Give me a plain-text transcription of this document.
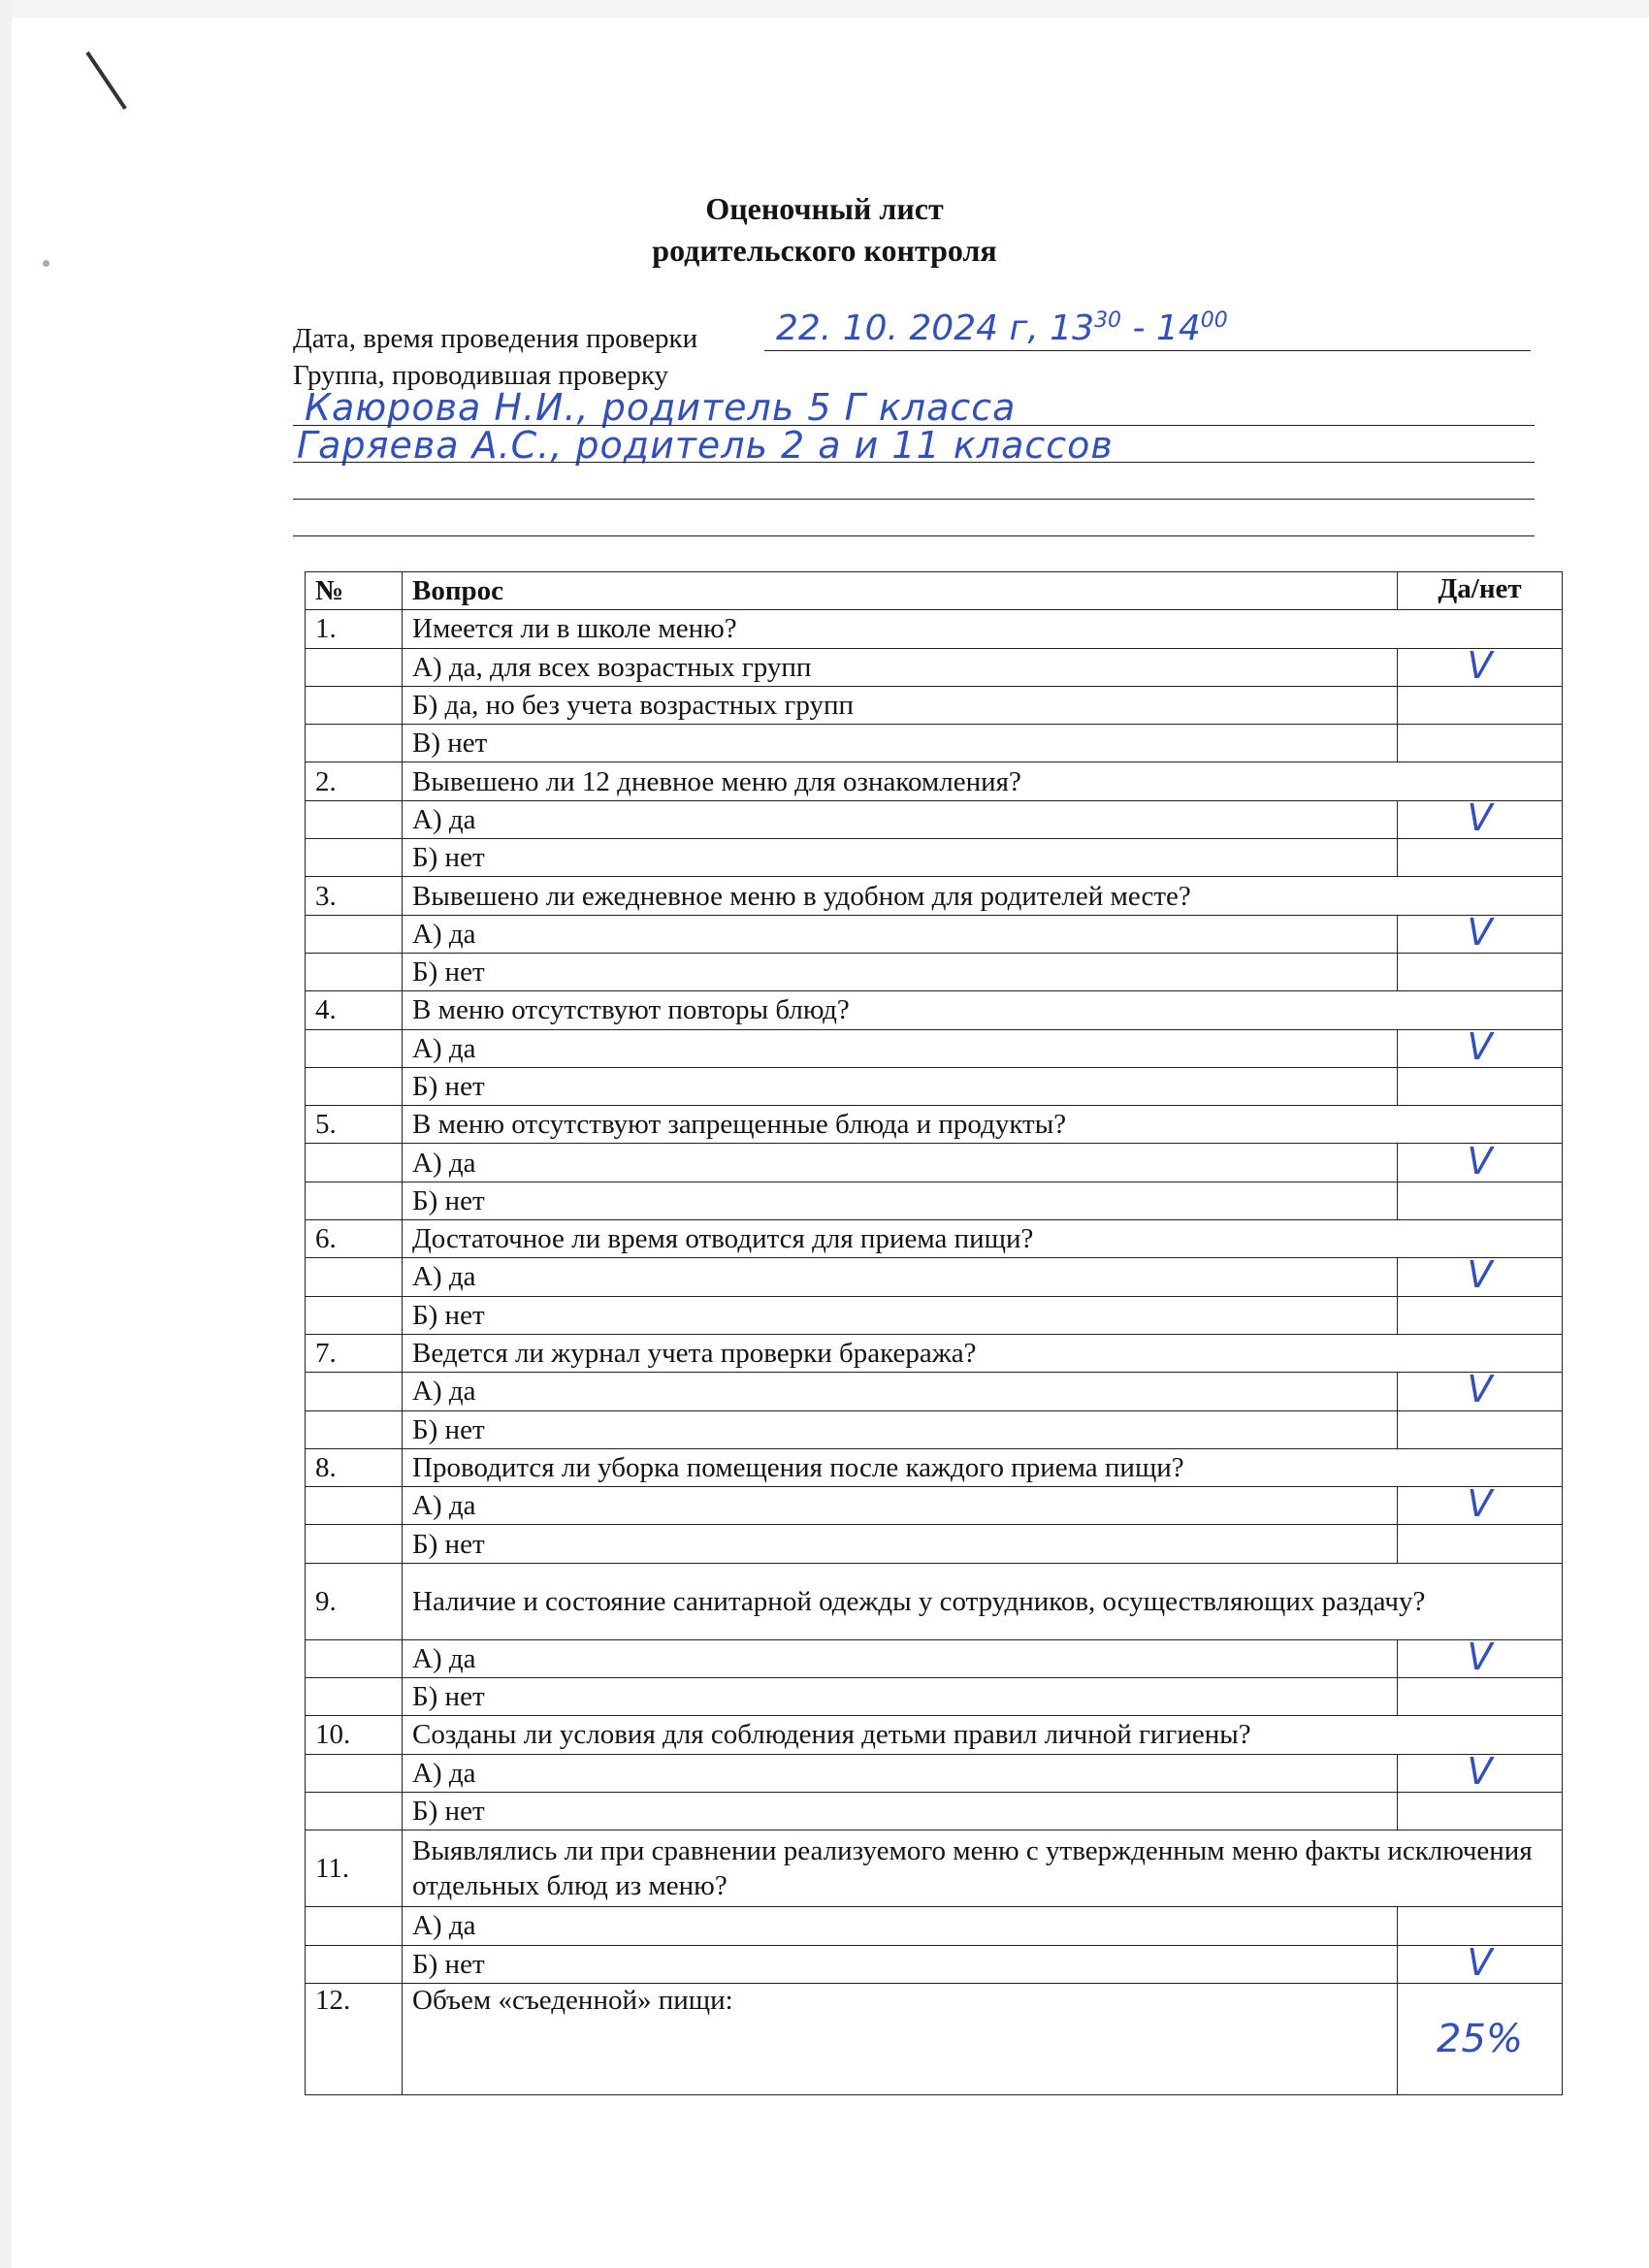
Оценочный лист
родительского контроля
Дата, время проведения проверки 22. 10. 2024 г, $13^{30} - 14^{00}$
Группа, проводившая проверку
Каюрова Н.И., родитель 5 Г класса
Гаряева А.С., родитель 2 а и 11 классов
№	Вопрос	Да/нет
1.	Имеется ли в школе меню?	
	А) да, для всех возрастных групп	V
	Б) да, но без учета возрастных групп	
	В) нет	
2.	Вывешено ли 12 дневное меню для ознакомления?	
	А) да	V
	Б) нет	
3.	Вывешено ли ежедневное меню в удобном для родителей месте?	
	А) да	V
	Б) нет	
4.	В меню отсутствуют повторы блюд?	
	А) да	V
	Б) нет	
5.	В меню отсутствуют запрещенные блюда и продукты?	
	А) да	V
	Б) нет	
6.	Достаточное ли время отводится для приема пищи?	
	А) да	V
	Б) нет	
7.	Ведется ли журнал учета проверки бракеража?	
	А) да	V
	Б) нет	
8.	Проводится ли уборка помещения после каждого приема пищи?	
	А) да	V
	Б) нет	
9.	Наличие и состояние санитарной одежды у сотрудников, осуществляющих раздачу?	
	А) да	V
	Б) нет	
10.	Созданы ли условия для соблюдения детьми правил личной гигиены?	
	А) да	V
	Б) нет	
11.	Выявлялись ли при сравнении реализуемого меню с утвержденным меню факты исключения отдельных блюд из меню?	
	А) да	
	Б) нет	V
12.	Объем «съеденной» пищи:	25%
